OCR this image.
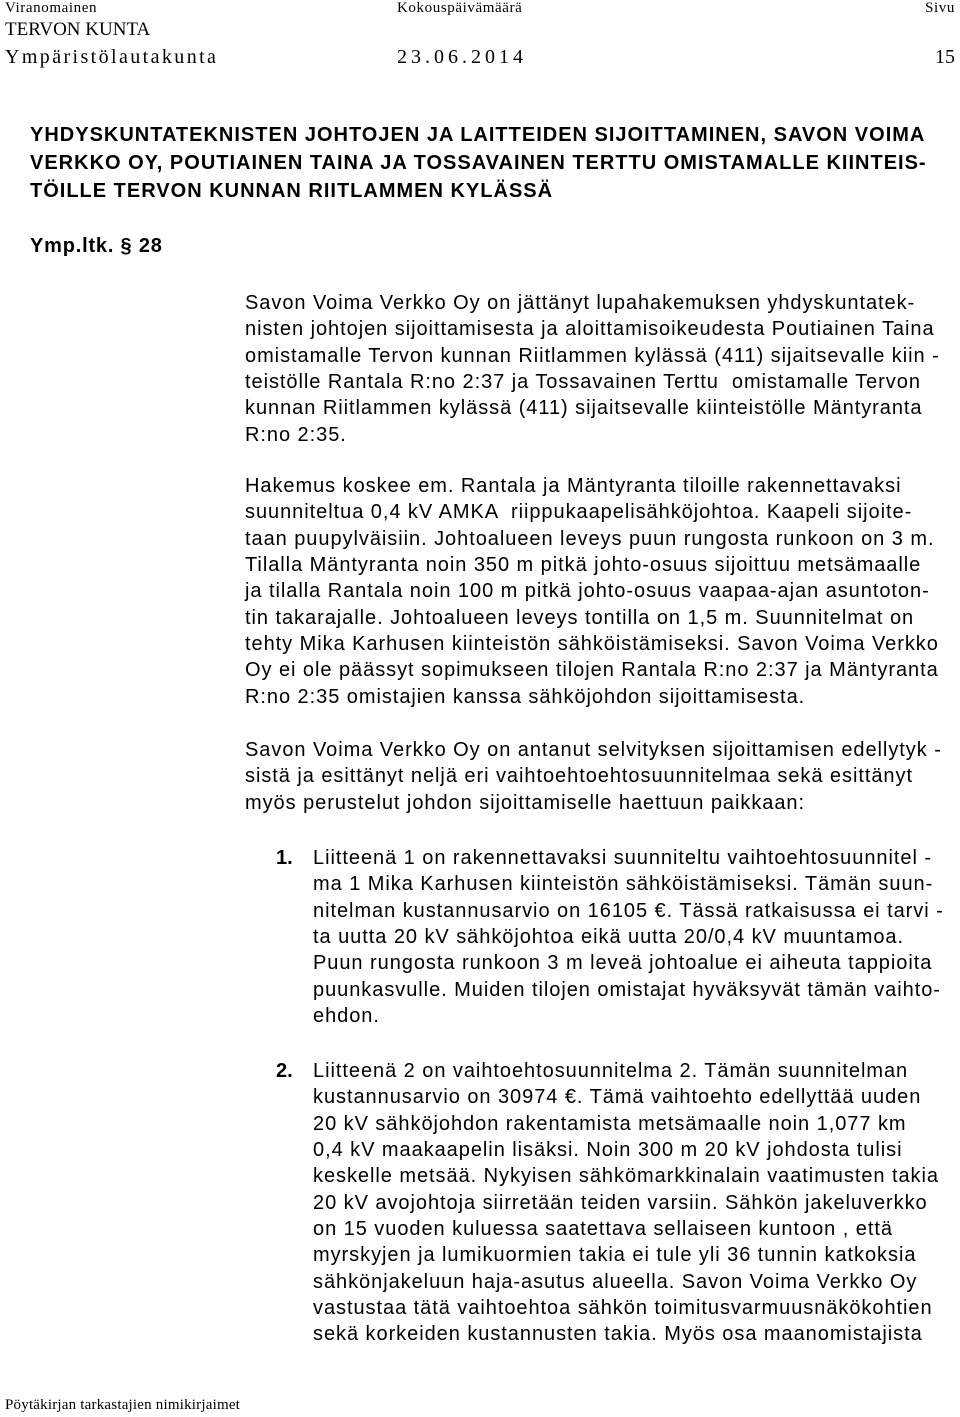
Viranomainen	Kokouspäivämäärä	Sivu
TERVON KUNTA
Ympäristölautakunta	23.06.2014	15
YHDYSKUNTATEKNISTEN JOHTOJEN JA LAITTEIDEN SIJOITTAMINEN, SAVON VOIMA
VERKKO OY, POUTIAINEN TAINA JA TOSSAVAINEN TERTTU OMISTAMALLE KIINTEIS-
TÖILLE TERVON KUNNAN RIITLAMMEN KYLÄSSÄ
Ymp.ltk. § 28
Savon Voima Verkko Oy on jättänyt lupahakemuksen yhdyskuntatek-
nisten johtojen sijoittamisesta ja aloittamisoikeudesta Poutiainen Taina
omistamalle Tervon kunnan Riitlammen kylässä (411) sijaitsevalle kiin -
teistölle Rantala R:no 2:37 ja Tossavainen Terttu  omistamalle Tervon
kunnan Riitlammen kylässä (411) sijaitsevalle kiinteistölle Mäntyranta
R:no 2:35.
Hakemus koskee em. Rantala ja Mäntyranta tiloille rakennettavaksi
suunniteltua 0,4 kV AMKA  riippukaapelisähköjohtoa. Kaapeli sijoite-
taan puupylväisiin. Johtoalueen leveys puun rungosta runkoon on 3 m.
Tilalla Mäntyranta noin 350 m pitkä johto-osuus sijoittuu metsämaalle
ja tilalla Rantala noin 100 m pitkä johto-osuus vaapaa-ajan asuntoton-
tin takarajalle. Johtoalueen leveys tontilla on 1,5 m. Suunnitelmat on
tehty Mika Karhusen kiinteistön sähköistämiseksi. Savon Voima Verkko
Oy ei ole päässyt sopimukseen tilojen Rantala R:no 2:37 ja Mäntyranta
R:no 2:35 omistajien kanssa sähköjohdon sijoittamisesta.
Savon Voima Verkko Oy on antanut selvityksen sijoittamisen edellytyk -
sistä ja esittänyt neljä eri vaihtoehtoehtosuunnitelmaa sekä esittänyt
myös perustelut johdon sijoittamiselle haettuun paikkaan:
1. Liitteenä 1 on rakennettavaksi suunniteltu vaihtoehtosuunnitel -
ma 1 Mika Karhusen kiinteistön sähköistämiseksi. Tämän suun-
nitelman kustannusarvio on 16105 €. Tässä ratkaisussa ei tarvi -
ta uutta 20 kV sähköjohtoa eikä uutta 20/0,4 kV muuntamoa.
Puun rungosta runkoon 3 m leveä johtoalue ei aiheuta tappioita
puunkasvulle. Muiden tilojen omistajat hyväksyvät tämän vaihto-
ehdon.
2. Liitteenä 2 on vaihtoehtosuunnitelma 2. Tämän suunnitelman
kustannusarvio on 30974 €. Tämä vaihtoehto edellyttää uuden
20 kV sähköjohdon rakentamista metsämaalle noin 1,077 km
0,4 kV maakaapelin lisäksi. Noin 300 m 20 kV johdosta tulisi
keskelle metsää. Nykyisen sähkömarkkinalain vaatimusten takia
20 kV avojohtoja siirretään teiden varsiin. Sähkön jakeluverkko
on 15 vuoden kuluessa saatettava sellaiseen kuntoon , että
myrskyjen ja lumikuormien takia ei tule yli 36 tunnin katkoksia
sähkönjakeluun haja-asutus alueella. Savon Voima Verkko Oy
vastustaa tätä vaihtoehtoa sähkön toimitusvarmuusnäkökohtien
sekä korkeiden kustannusten takia. Myös osa maanomistajista
Pöytäkirjan tarkastajien nimikirjaimet
